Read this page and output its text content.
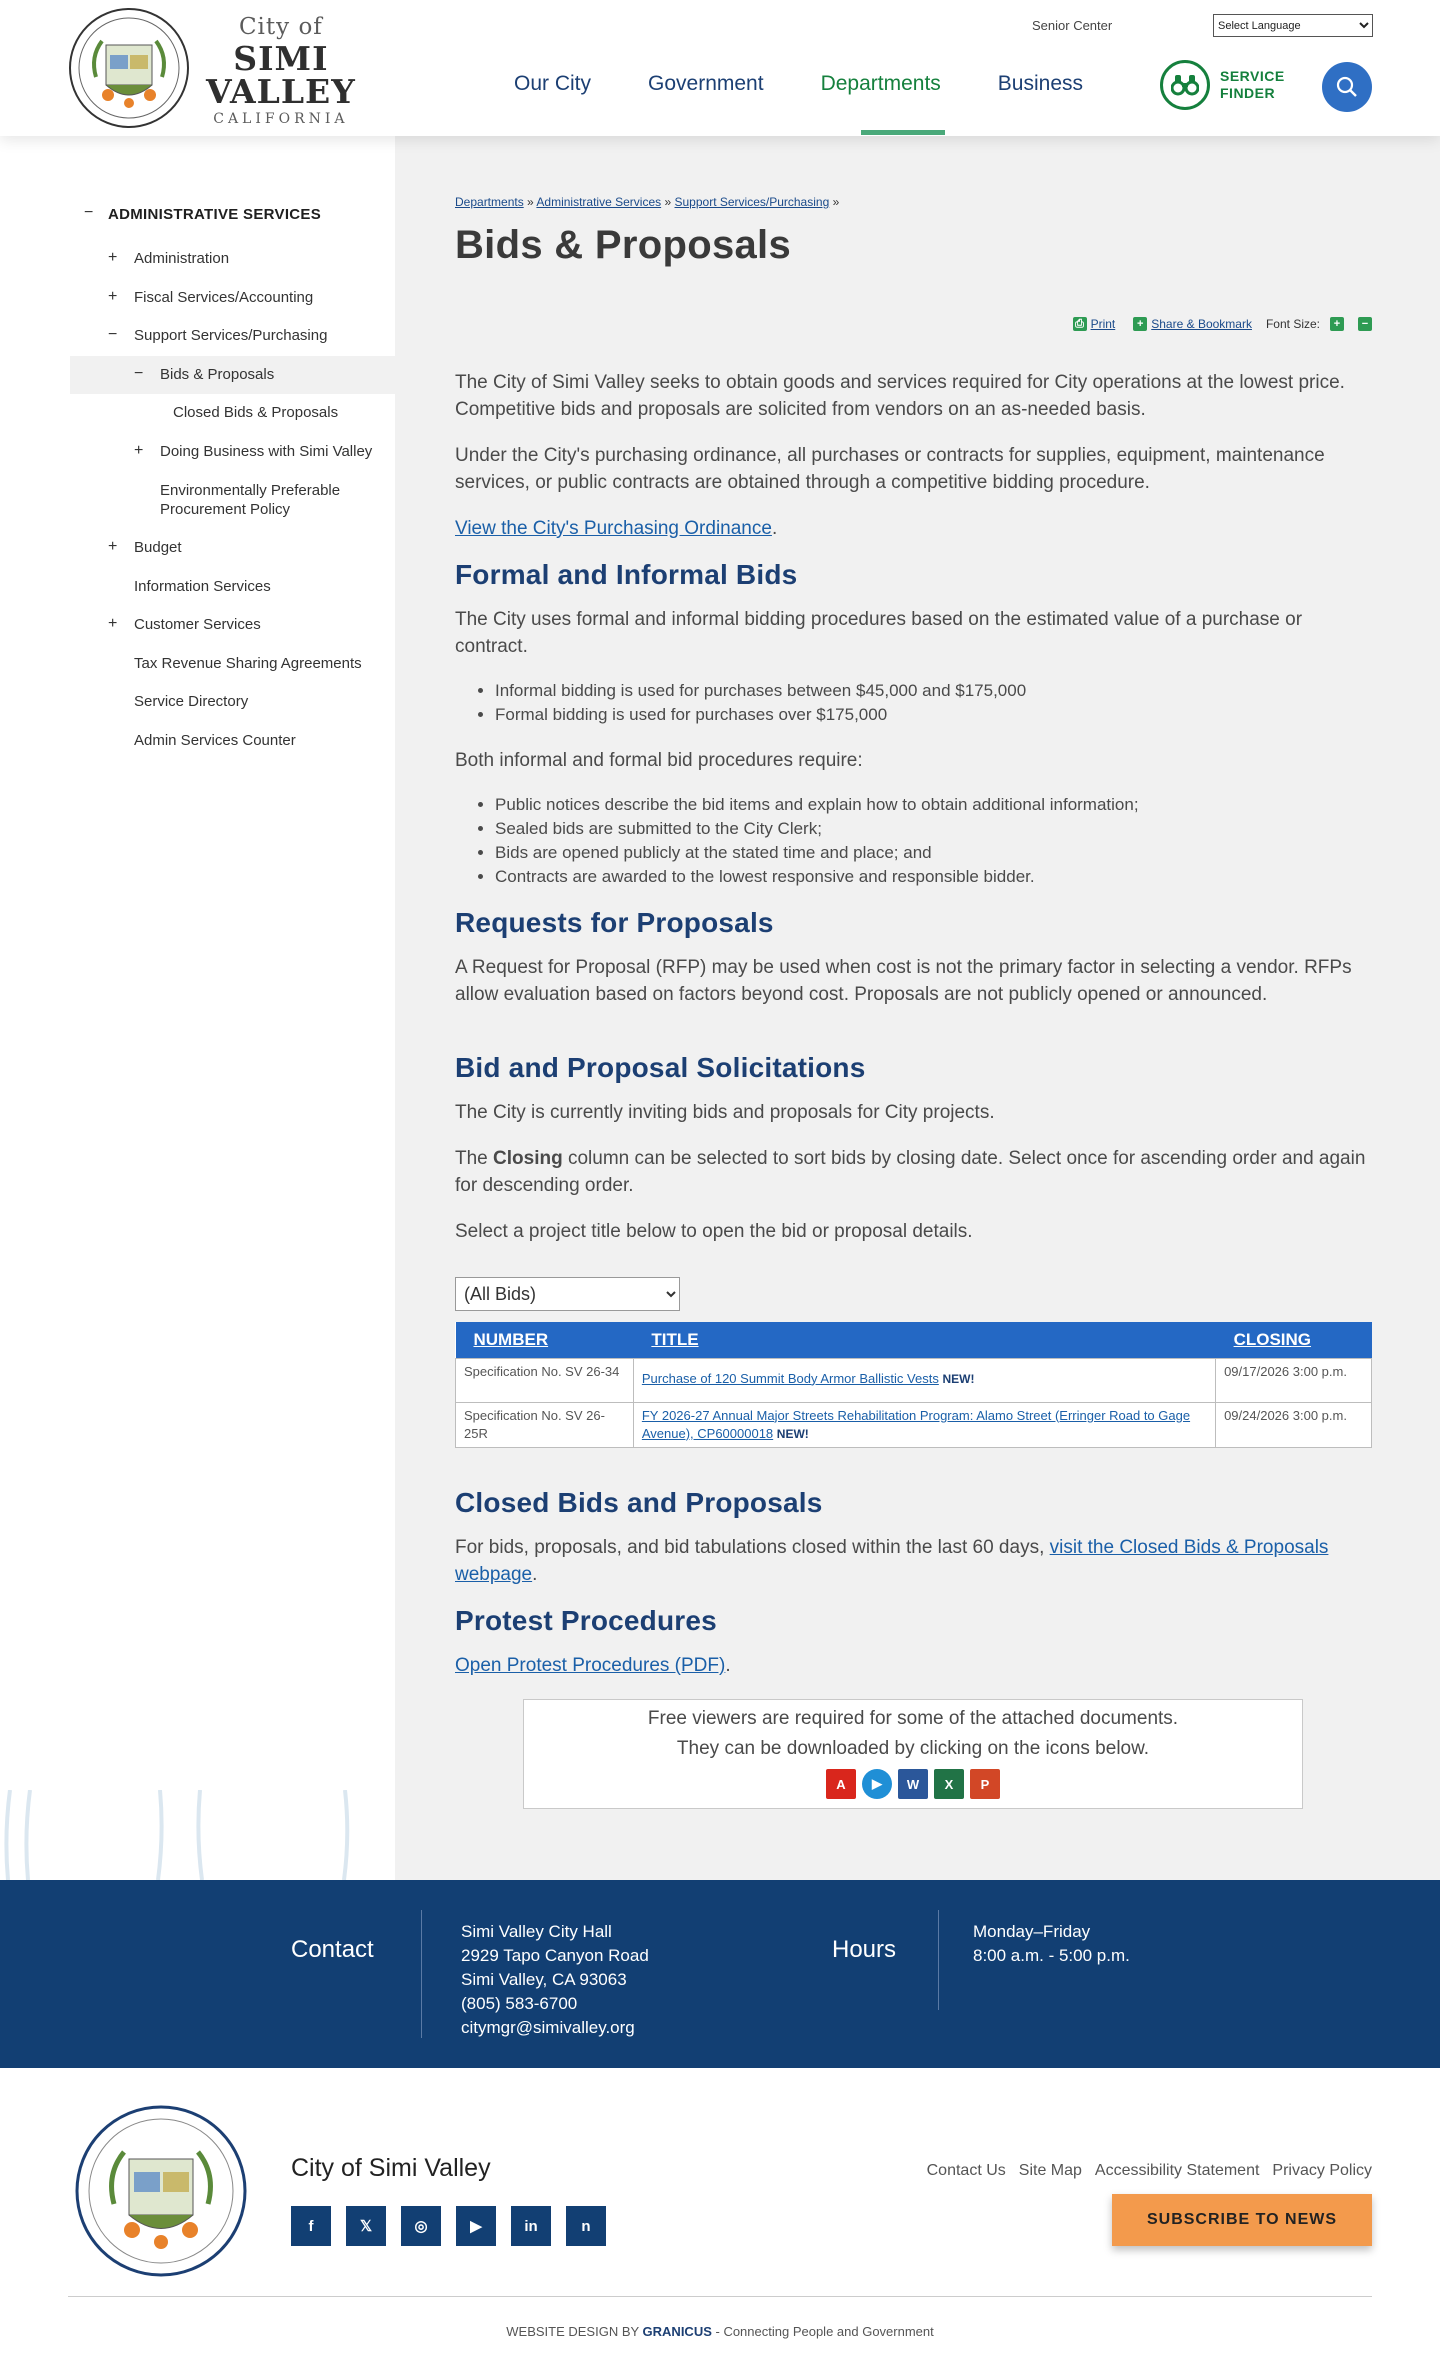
City of
SIMI
VALLEY
CALIFORNIA
Senior Center
Select Language
Our City	Government	Departments	Business	SERVICE
FINDER
− ADMINISTRATIVE SERVICES
+ Administration
+ Fiscal Services/Accounting
− Support Services/Purchasing
− Bids & Proposals
Closed Bids & Proposals
+ Doing Business with Simi Valley
Environmentally Preferable
Procurement Policy
+ Budget
Information Services
+ Customer Services
Tax Revenue Sharing Agreements
Service Directory
Admin Services Counter
Departments » Administrative Services » Support Services/Purchasing »
Bids & Proposals
⎙ Print	+ Share & Bookmark Font Size:	+	−

The City of Simi Valley seeks to obtain goods and services required for City operations at the lowest price. Competitive bids and proposals are solicited from vendors on an as-needed basis.

Under the City's purchasing ordinance, all purchases or contracts for supplies, equipment, maintenance services, or public contracts are obtained through a competitive bidding procedure.

View the City's Purchasing Ordinance.

Formal and Informal Bids

The City uses formal and informal bidding procedures based on the estimated value of a purchase or contract.

• Informal bidding is used for purchases between $45,000 and $175,000
• Formal bidding is used for purchases over $175,000

Both informal and formal bid procedures require:

• Public notices describe the bid items and explain how to obtain additional information;
• Sealed bids are submitted to the City Clerk;
• Bids are opened publicly at the stated time and place; and
• Contracts are awarded to the lowest responsive and responsible bidder.
Requests for Proposals

A Request for Proposal (RFP) may be used when cost is not the primary factor in selecting a vendor. RFPs allow evaluation based on factors beyond cost. Proposals are not publicly opened or announced.

Bid and Proposal Solicitations

The City is currently inviting bids and proposals for City projects.

The Closing column can be selected to sort bids by closing date. Select once for ascending order and again for descending order.

Select a project title below to open the bid or proposal details.

(All Bids)
NUMBER	TITLE	CLOSING
Specification No. SV 26-34	Purchase of 120 Summit Body Armor Ballistic Vests NEW!	09/17/2026 3:00 p.m.
Specification No. SV 26-25R	FY 2026-27 Annual Major Streets Rehabilitation Program: Alamo Street (Erringer Road to Gage Avenue), CP60000018 NEW!	09/24/2026 3:00 p.m.
Closed Bids and Proposals

For bids, proposals, and bid tabulations closed within the last 60 days, visit the Closed Bids & Proposals webpage.

Protest Procedures

Open Protest Procedures (PDF).

Free viewers are required for some of the attached documents.

They can be downloaded by clicking on the icons below.

A	▶	W	X	P
Contact
Simi Valley City Hall
2929 Tapo Canyon Road
Simi Valley, CA 93063
(805) 583-6700
citymgr@simivalley.org
Hours
Monday–Friday
8:00 a.m. - 5:00 p.m.
City of Simi Valley
f	𝕏	◎	▶	in	n
Contact Us Site Map Accessibility Statement Privacy Policy
SUBSCRIBE TO NEWS
WEBSITE DESIGN BY GRANICUS - Connecting People and Government
